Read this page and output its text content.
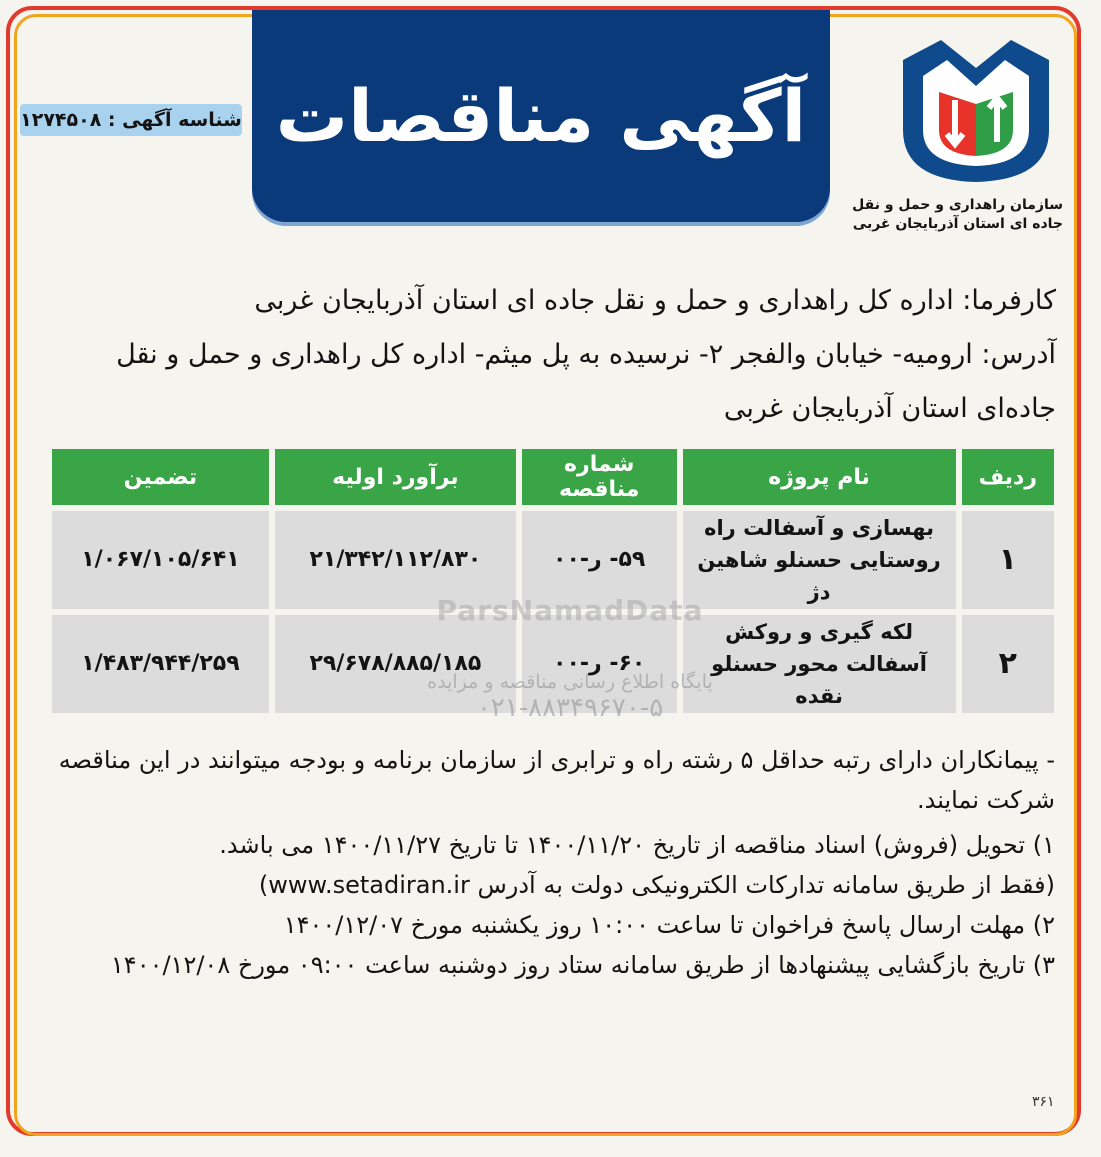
شناسه آگهی : ۱۲۷۴۵۰۸ آگهی مناقصات
سازمان راهداری و حمل و نقل
جاده ای استان آذربایجان غربی

کارفرما: اداره کل راهداری و حمل و نقل جاده ای استان آذربایجان غربی

آدرس: ارومیه- خیابان والفجر ۲- نرسیده به پل میثم- اداره کل راهداری و حمل و نقل جاده‌ای استان آذربایجان غربی

ردیف	نام پروژه	شماره مناقصه	برآورد اولیه	تضمین
۱	بهسازی و آسفالت راه روستایی حسنلو شاهین دژ	۵۹- ر-۰۰	۲۱/۳۴۲/۱۱۲/۸۳۰	۱/۰۶۷/۱۰۵/۶۴۱
۲	لکه گیری و روکش آسفالت محور حسنلو نقده	۶۰- ر-۰۰	۲۹/۶۷۸/۸۸۵/۱۸۵	۱/۴۸۳/۹۴۴/۲۵۹
ParsNamadData
پایگاه اطلاع رسانی مناقصه و مزایده
۰۲۱-۸۸۳۴۹۶۷۰-۵

- پیمانکاران دارای رتبه حداقل ۵ رشته راه و ترابری از سازمان برنامه و بودجه میتوانند در این مناقصه شرکت نمایند.

۱) تحویل (فروش) اسناد مناقصه از تاریخ ۱۴۰۰/۱۱/۲۰ تا تاریخ ۱۴۰۰/۱۱/۲۷ می باشد.

(فقط از طریق سامانه تدارکات الکترونیکی دولت به آدرس www.setadiran.ir)

۲) مهلت ارسال پاسخ فراخوان تا ساعت ۱۰:۰۰ روز یکشنبه مورخ ۱۴۰۰/۱۲/۰۷

۳) تاریخ بازگشایی پیشنهادها از طریق سامانه ستاد روز دوشنبه ساعت ۰۹:۰۰ مورخ ۱۴۰۰/۱۲/۰۸

۳۶۱
